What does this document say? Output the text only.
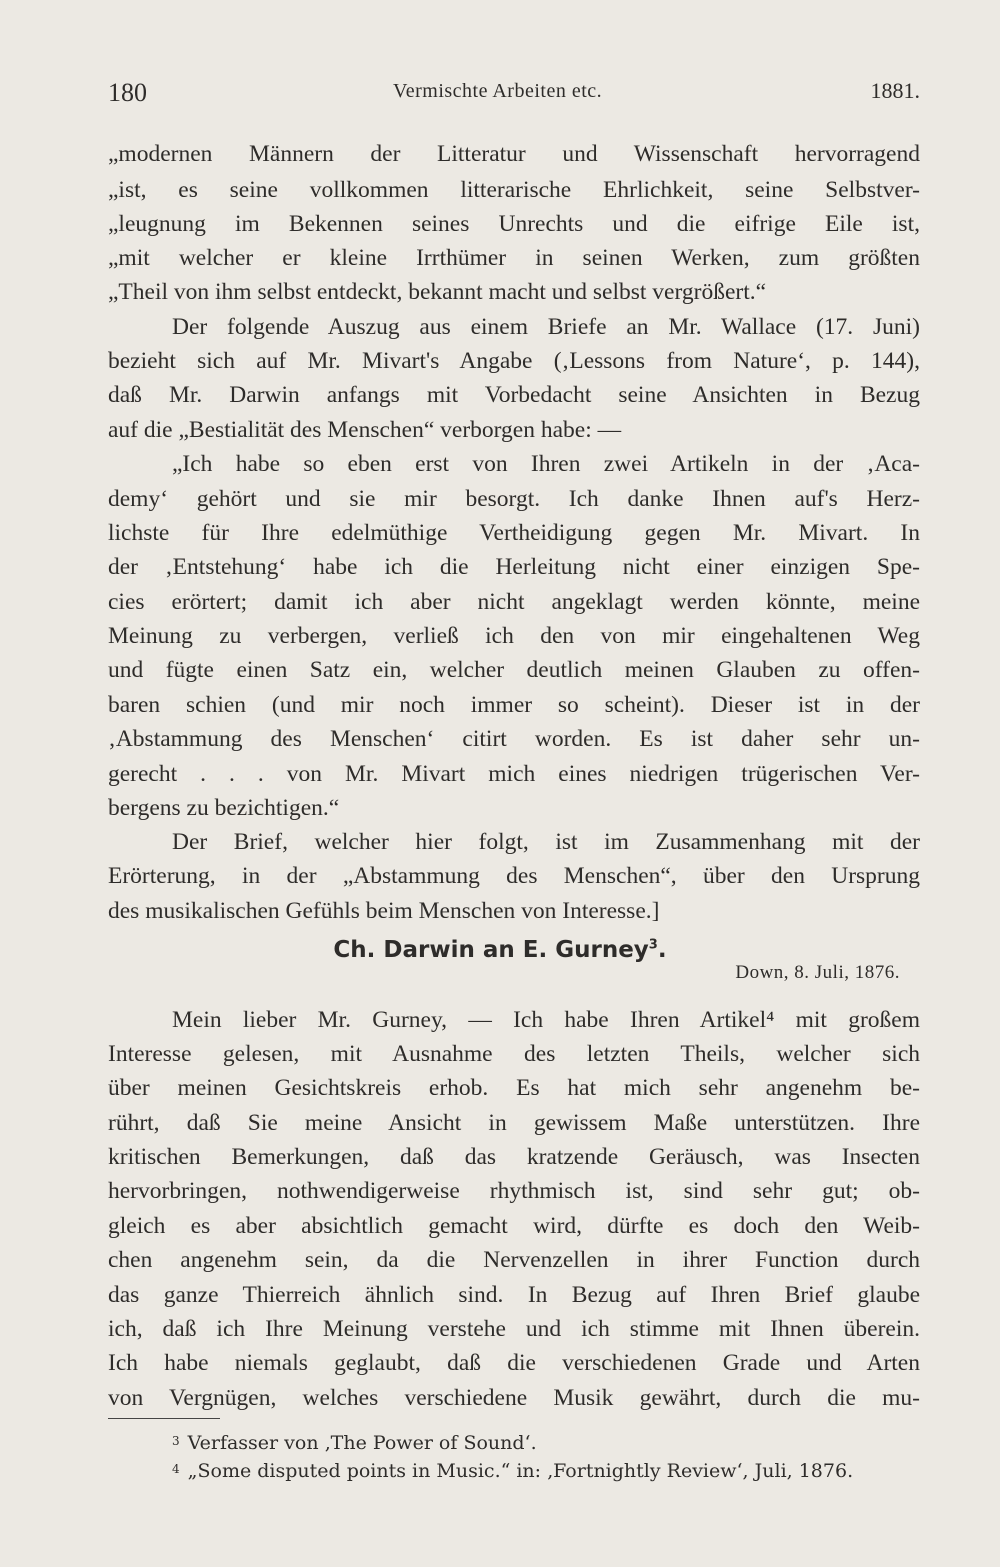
180	Vermischte Arbeiten etc.	1881.
„modernen Männern der Litteratur und Wissenschaft hervorragend
„ist, es seine vollkommen litterarische Ehrlichkeit, seine Selbstver-
„leugnung im Bekennen seines Unrechts und die eifrige Eile ist,
„mit welcher er kleine Irrthümer in seinen Werken, zum größten
„Theil von ihm selbst entdeckt, bekannt macht und selbst vergrößert.“
Der folgende Auszug aus einem Briefe an Mr. Wallace (17. Juni)
bezieht sich auf Mr. Mivart's Angabe (‚Lessons from Nature‘, p. 144),
daß Mr. Darwin anfangs mit Vorbedacht seine Ansichten in Bezug
auf die „Bestialität des Menschen“ verborgen habe: —
„Ich habe so eben erst von Ihren zwei Artikeln in der ‚Aca-
demy‘ gehört und sie mir besorgt. Ich danke Ihnen auf's Herz-
lichste für Ihre edelmüthige Vertheidigung gegen Mr. Mivart. In
der ‚Entstehung‘ habe ich die Herleitung nicht einer einzigen Spe-
cies erörtert; damit ich aber nicht angeklagt werden könnte, meine
Meinung zu verbergen, verließ ich den von mir eingehaltenen Weg
und fügte einen Satz ein, welcher deutlich meinen Glauben zu offen-
baren schien (und mir noch immer so scheint). Dieser ist in der
‚Abstammung des Menschen‘ citirt worden. Es ist daher sehr un-
gerecht . . . von Mr. Mivart mich eines niedrigen trügerischen Ver-
bergens zu bezichtigen.“
Der Brief, welcher hier folgt, ist im Zusammenhang mit der
Erörterung, in der „Abstammung des Menschen“, über den Ursprung
des musikalischen Gefühls beim Menschen von Interesse.]
Ch. Darwin an E. Gurney$^3$.
Down, 8. Juli, 1876.
Mein lieber Mr. Gurney, — Ich habe Ihren Artikel⁴ mit großem
Interesse gelesen, mit Ausnahme des letzten Theils, welcher sich
über meinen Gesichtskreis erhob. Es hat mich sehr angenehm be-
rührt, daß Sie meine Ansicht in gewissem Maße unterstützen. Ihre
kritischen Bemerkungen, daß das kratzende Geräusch, was Insecten
hervorbringen, nothwendigerweise rhythmisch ist, sind sehr gut; ob-
gleich es aber absichtlich gemacht wird, dürfte es doch den Weib-
chen angenehm sein, da die Nervenzellen in ihrer Function durch
das ganze Thierreich ähnlich sind. In Bezug auf Ihren Brief glaube
ich, daß ich Ihre Meinung verstehe und ich stimme mit Ihnen überein.
Ich habe niemals geglaubt, daß die verschiedenen Grade und Arten
von Vergnügen, welches verschiedene Musik gewährt, durch die mu-
$^3$ Verfasser von ‚The Power of Sound‘.
$^4$ „Some disputed points in Music.“ in: ‚Fortnightly Review‘, Juli, 1876.
